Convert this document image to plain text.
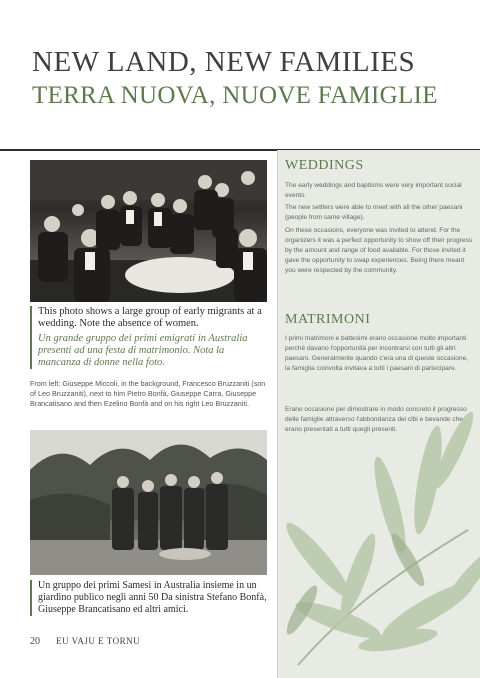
NEW LAND, NEW FAMILIES
TERRA NUOVA, NUOVE FAMIGLIE
This photo shows a large group of early migrants at a wedding. Note the absence of women.
Un grande gruppo dei primi emigrati in Australia presenti ad una festa di matrimonio. Nota la mancanza di donne nella foto.
From left: Giuseppe Miccoli, in the background, Francesco Bruzzaniti (son of Leo Bruzzaniti), next to him Pietro Bonfà, Giuseppe Carra, Giuseppe Brancatisano and then Ezelino Bonfà and on his right Leo Bruzzaniti.
Un gruppo dei primi Samesi in Australia insieme in un giardino publico negli anni 50 Da sinistra Stefano Bonfà, Giuseppe Brancatisano ed altri amici.
20 EU VAJU E TORNU
WEDDINGS
The early weddings and baptisms were very important social events.
The new settlers were able to meet with all the other paesani (people from same village).
On these occasions, everyone was invited to attend. For the organizers it was a perfect opportunity to show off their progress by the amount and range of food available. For those invited it gave the opportunity to swap experiences. Being there meant you were respected by the community.
MATRIMONI
I primi matrimoni e battesimi erano occasione molto importanti perché davano l'opportunità per incontrarsi con tutti gli altri paesani. Generalmente quando c'era una di queste occasione, la famiglia coinvolta invitava a tutti i paesani di partecipare.
Erano occasione per dimostrare in modo concreto il progresso delle famiglie attraverso l'abbondanza dei cibi e bevande che erano presentati a tutti quegli presenti.
